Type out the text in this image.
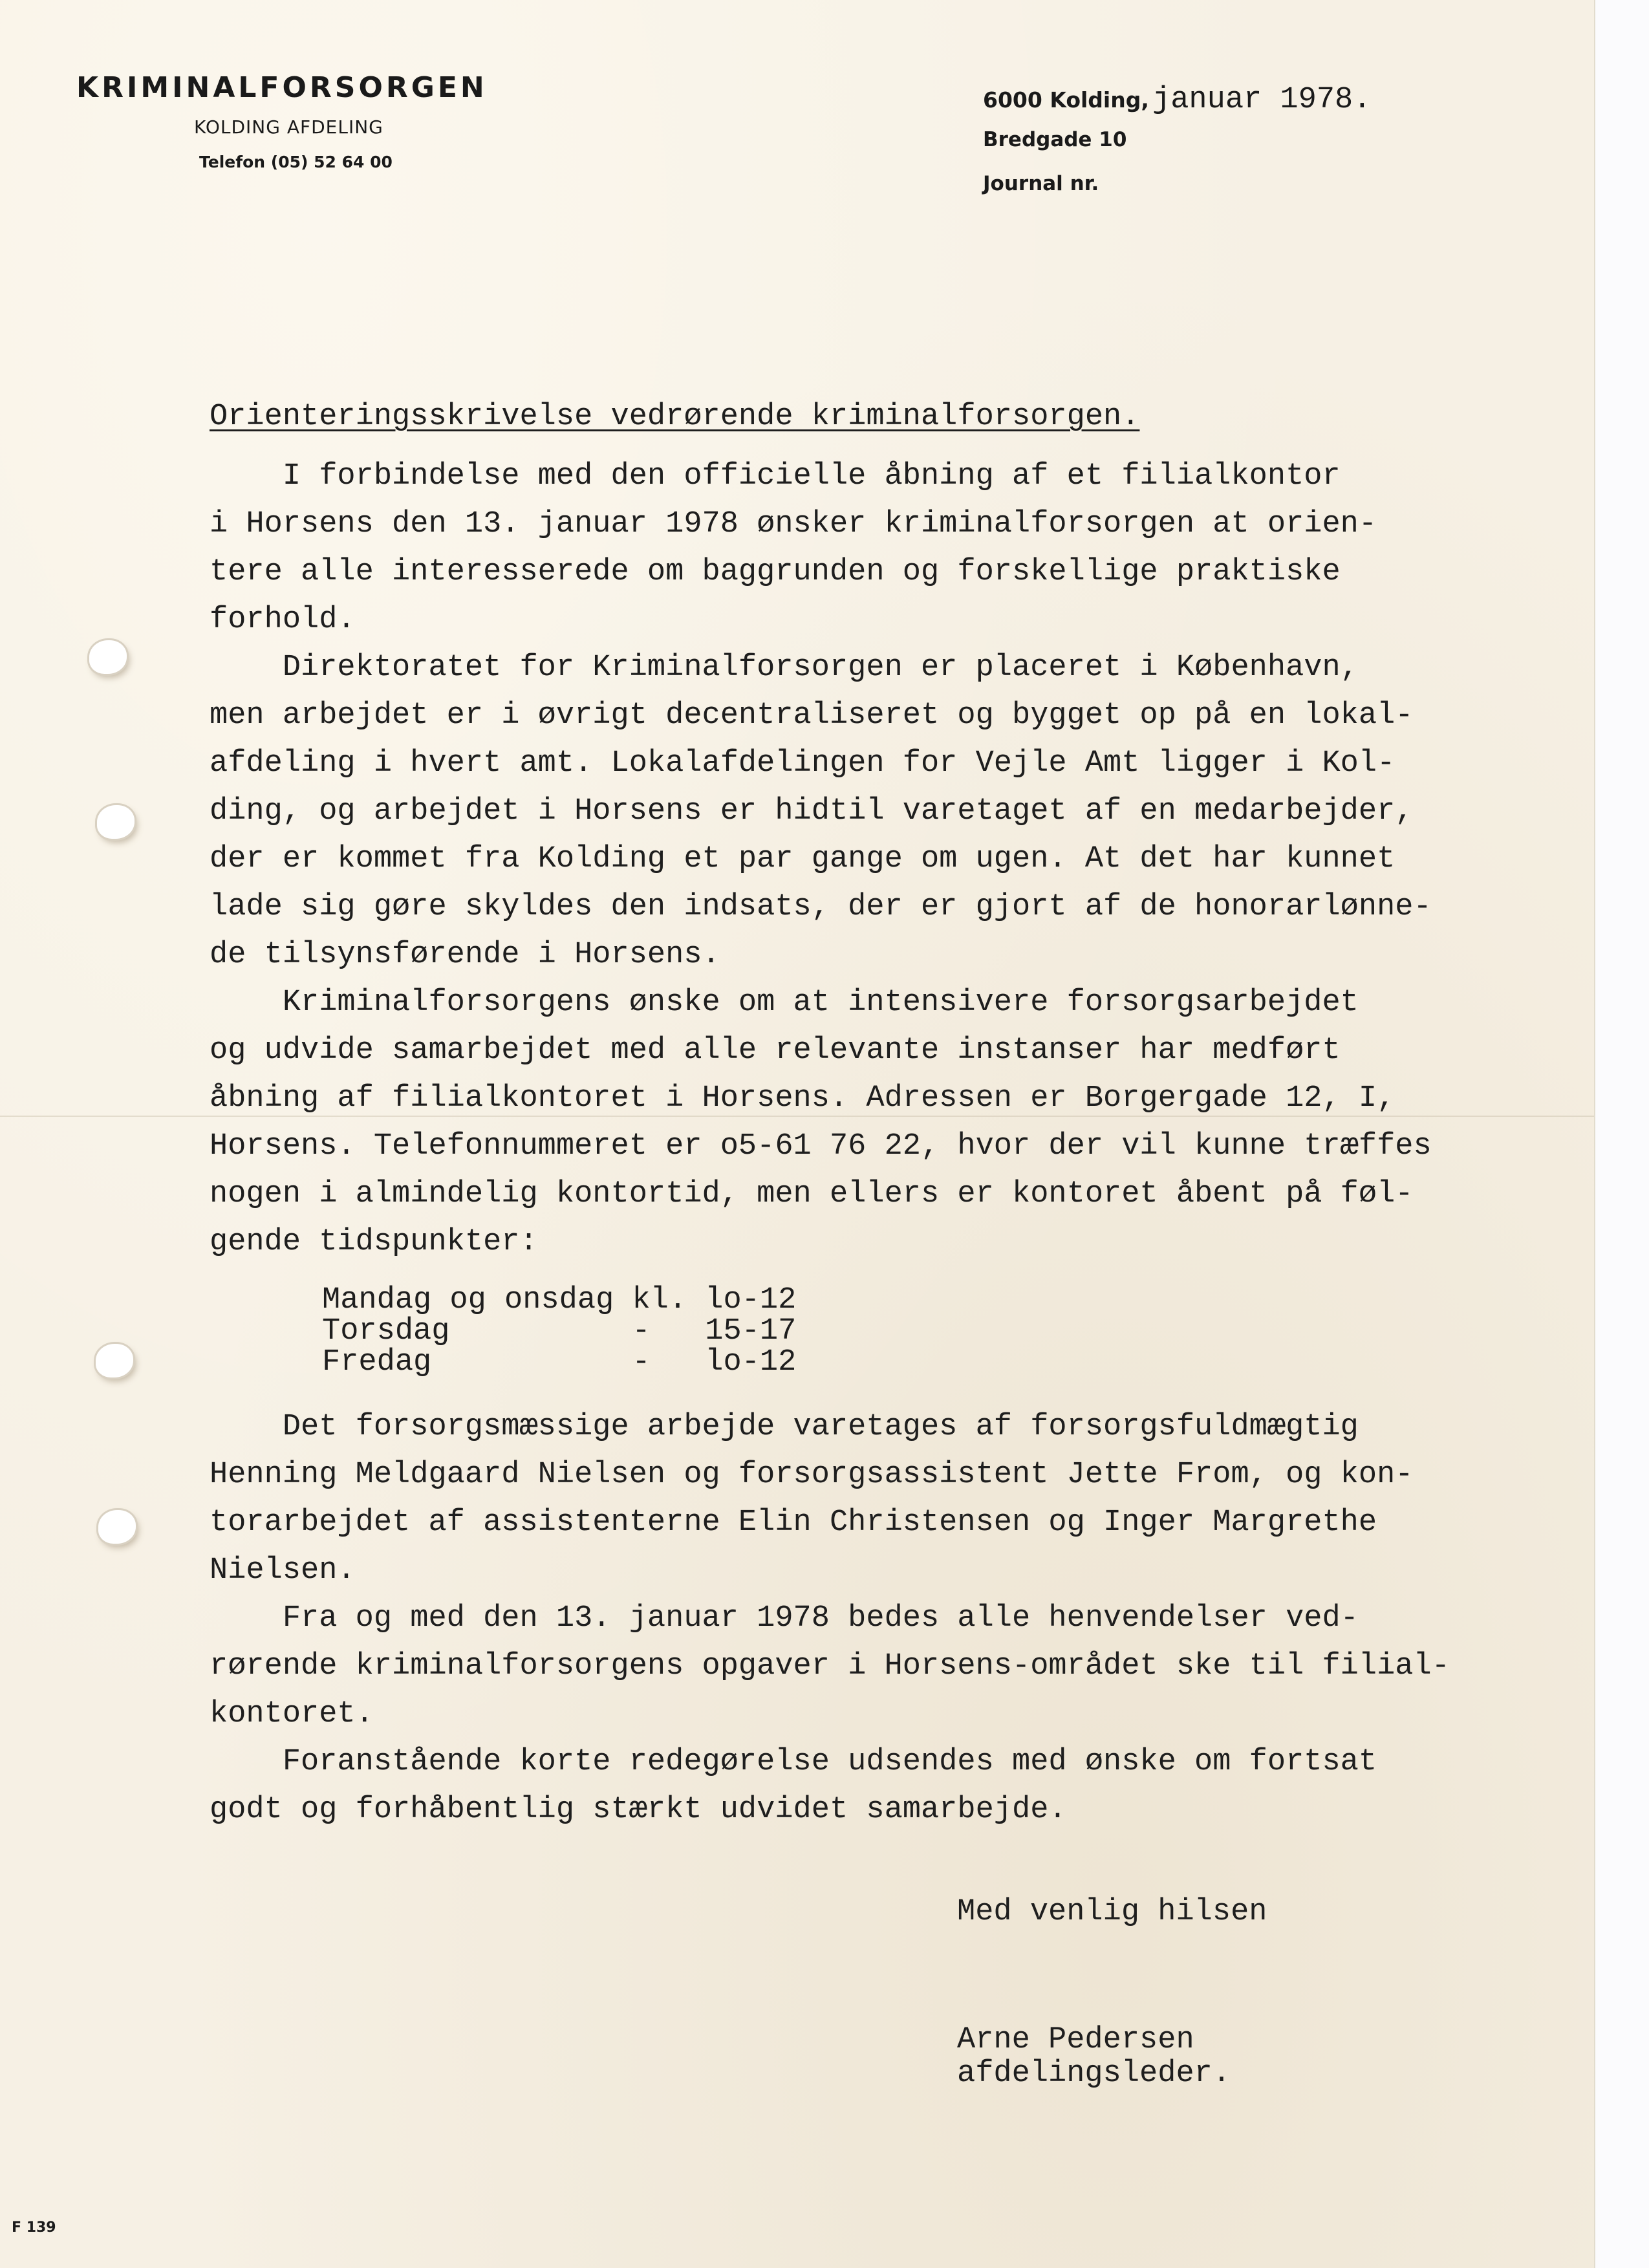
KRIMINALFORSORGEN
KOLDING AFDELING
Telefon (05) 52 64 00
6000 Kolding, januar 1978.
Bredgade 10
Journal nr.
Orienteringsskrivelse vedrørende kriminalforsorgen.
I forbindelse med den officielle åbning af et filialkontor
i Horsens den 13. januar 1978 ønsker kriminalforsorgen at orien-
tere alle interesserede om baggrunden og forskellige praktiske
forhold.
Direktoratet for Kriminalforsorgen er placeret i København,
men arbejdet er i øvrigt decentraliseret og bygget op på en lokal-
afdeling i hvert amt. Lokalafdelingen for Vejle Amt ligger i Kol-
ding, og arbejdet i Horsens er hidtil varetaget af en medarbejder,
der er kommet fra Kolding et par gange om ugen. At det har kunnet
lade sig gøre skyldes den indsats, der er gjort af de honorarlønne-
de tilsynsførende i Horsens.
Kriminalforsorgens ønske om at intensivere forsorgsarbejdet
og udvide samarbejdet med alle relevante instanser har medført
åbning af filialkontoret i Horsens. Adressen er Borgergade 12, I,
Horsens. Telefonnummeret er o5-61 76 22, hvor der vil kunne træffes
nogen i almindelig kontortid, men ellers er kontoret åbent på føl-
gende tidspunkter:
Mandag og onsdag kl. lo-12
Torsdag          -   15-17
Fredag           -   lo-12
Det forsorgsmæssige arbejde varetages af forsorgsfuldmægtig
Henning Meldgaard Nielsen og forsorgsassistent Jette From, og kon-
torarbejdet af assistenterne Elin Christensen og Inger Margrethe
Nielsen.
Fra og med den 13. januar 1978 bedes alle henvendelser ved-
rørende kriminalforsorgens opgaver i Horsens-området ske til filial-
kontoret.
Foranstående korte redegørelse udsendes med ønske om fortsat
godt og forhåbentlig stærkt udvidet samarbejde.
Med venlig hilsen
Arne Pedersen
afdelingsleder.
F 139
